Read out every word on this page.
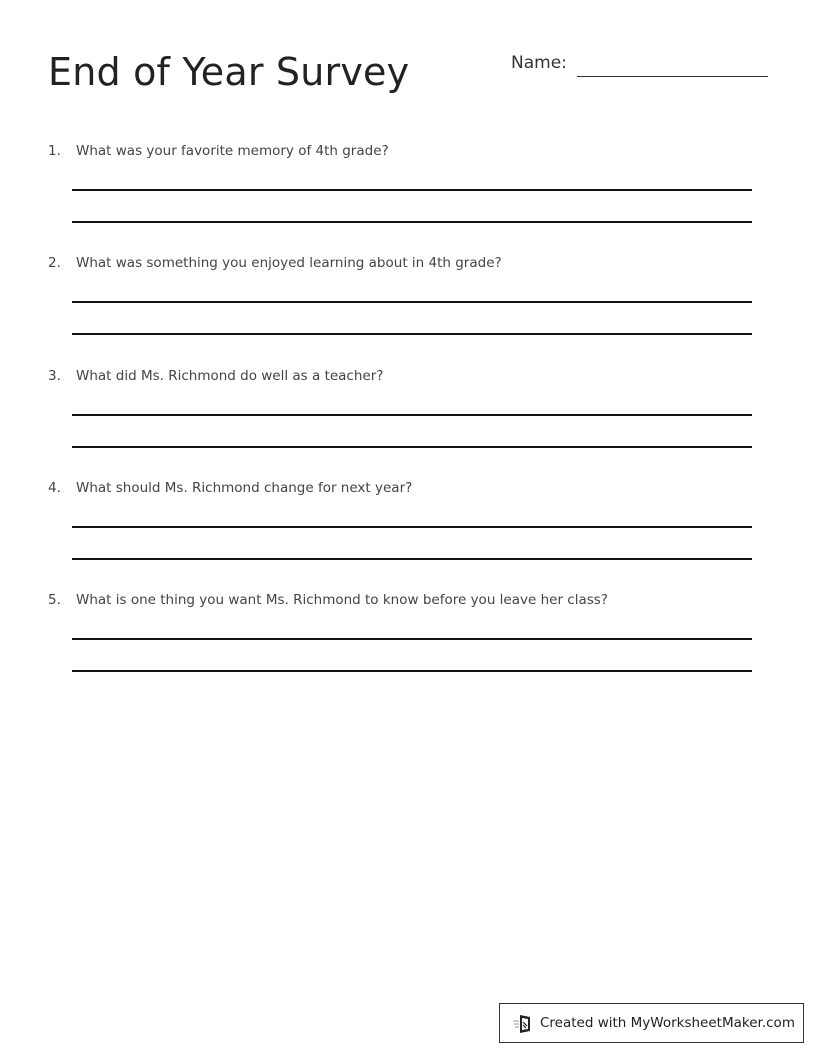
End of Year Survey	Name:
1. What was your favorite memory of 4th grade?
2. What was something you enjoyed learning about in 4th grade?
3. What did Ms. Richmond do well as a teacher?
4. What should Ms. Richmond change for next year?
5. What is one thing you want Ms. Richmond to know before you leave her class?
Created with MyWorksheetMaker.com
